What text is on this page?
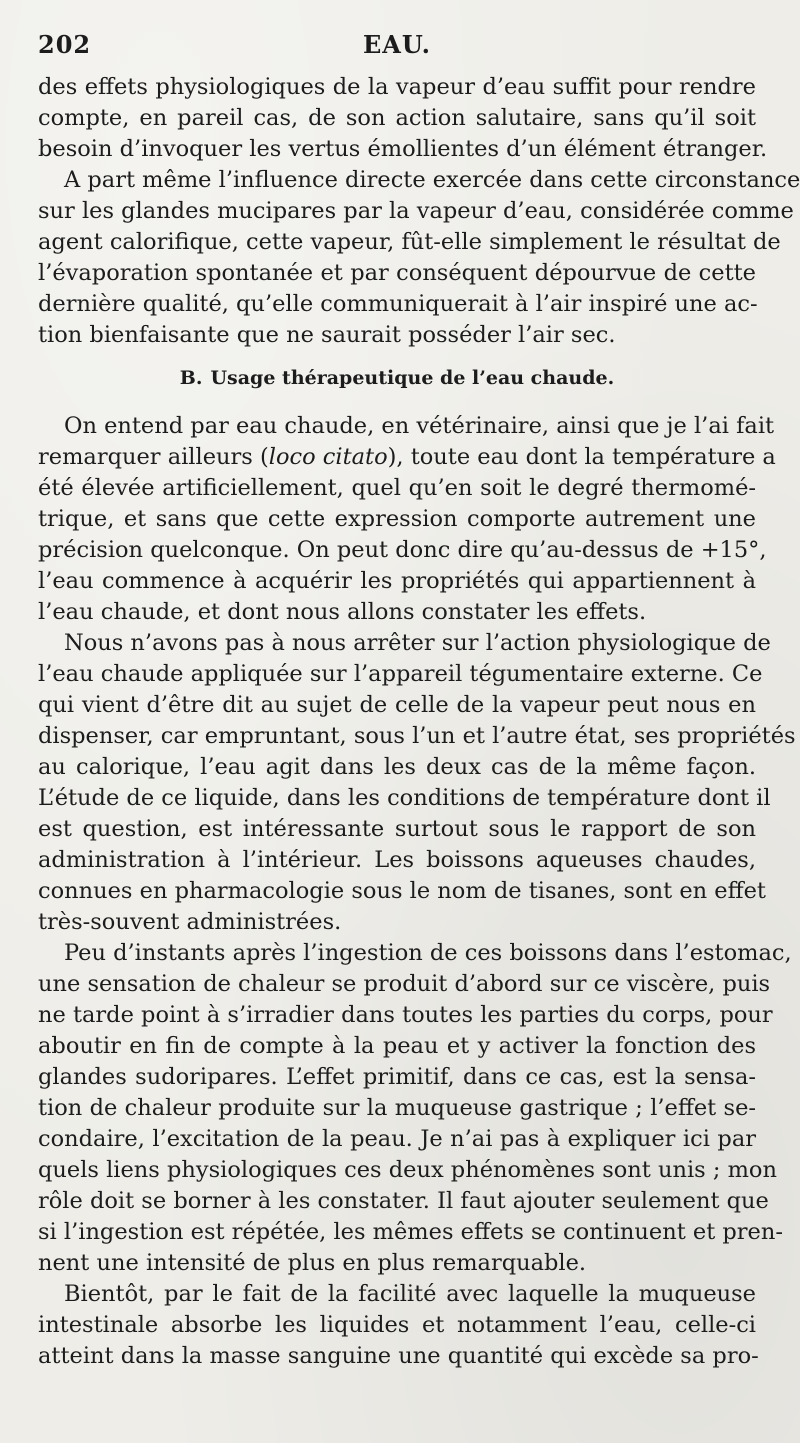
202	EAU.
des effets physiologiques de la vapeur d’eau suffit pour rendre
compte, en pareil cas, de son action salutaire, sans qu’il soit
besoin d’invoquer les vertus émollientes d’un élément étranger.
A part même l’influence directe exercée dans cette circonstance
sur les glandes mucipares par la vapeur d’eau, considérée comme
agent calorifique, cette vapeur, fût-elle simplement le résultat de
l’évaporation spontanée et par conséquent dépourvue de cette
dernière qualité, qu’elle communiquerait à l’air inspiré une ac-
tion bienfaisante que ne saurait posséder l’air sec.
B. Usage thérapeutique de l’eau chaude.
On entend par eau chaude, en vétérinaire, ainsi que je l’ai fait
remarquer ailleurs (loco citato), toute eau dont la température a
été élevée artificiellement, quel qu’en soit le degré thermomé-
trique, et sans que cette expression comporte autrement une
précision quelconque. On peut donc dire qu’au-dessus de +15°,
l’eau commence à acquérir les propriétés qui appartiennent à
l’eau chaude, et dont nous allons constater les effets.
Nous n’avons pas à nous arrêter sur l’action physiologique de
l’eau chaude appliquée sur l’appareil tégumentaire externe. Ce
qui vient d’être dit au sujet de celle de la vapeur peut nous en
dispenser, car empruntant, sous l’un et l’autre état, ses propriétés
au calorique, l’eau agit dans les deux cas de la même façon.
L’étude de ce liquide, dans les conditions de température dont il
est question, est intéressante surtout sous le rapport de son
administration à l’intérieur. Les boissons aqueuses chaudes,
connues en pharmacologie sous le nom de tisanes, sont en effet
très-souvent administrées.
Peu d’instants après l’ingestion de ces boissons dans l’estomac,
une sensation de chaleur se produit d’abord sur ce viscère, puis
ne tarde point à s’irradier dans toutes les parties du corps, pour
aboutir en fin de compte à la peau et y activer la fonction des
glandes sudoripares. L’effet primitif, dans ce cas, est la sensa-
tion de chaleur produite sur la muqueuse gastrique ; l’effet se-
condaire, l’excitation de la peau. Je n’ai pas à expliquer ici par
quels liens physiologiques ces deux phénomènes sont unis ; mon
rôle doit se borner à les constater. Il faut ajouter seulement que
si l’ingestion est répétée, les mêmes effets se continuent et pren-
nent une intensité de plus en plus remarquable.
Bientôt, par le fait de la facilité avec laquelle la muqueuse
intestinale absorbe les liquides et notamment l’eau, celle-ci
atteint dans la masse sanguine une quantité qui excède sa pro-
